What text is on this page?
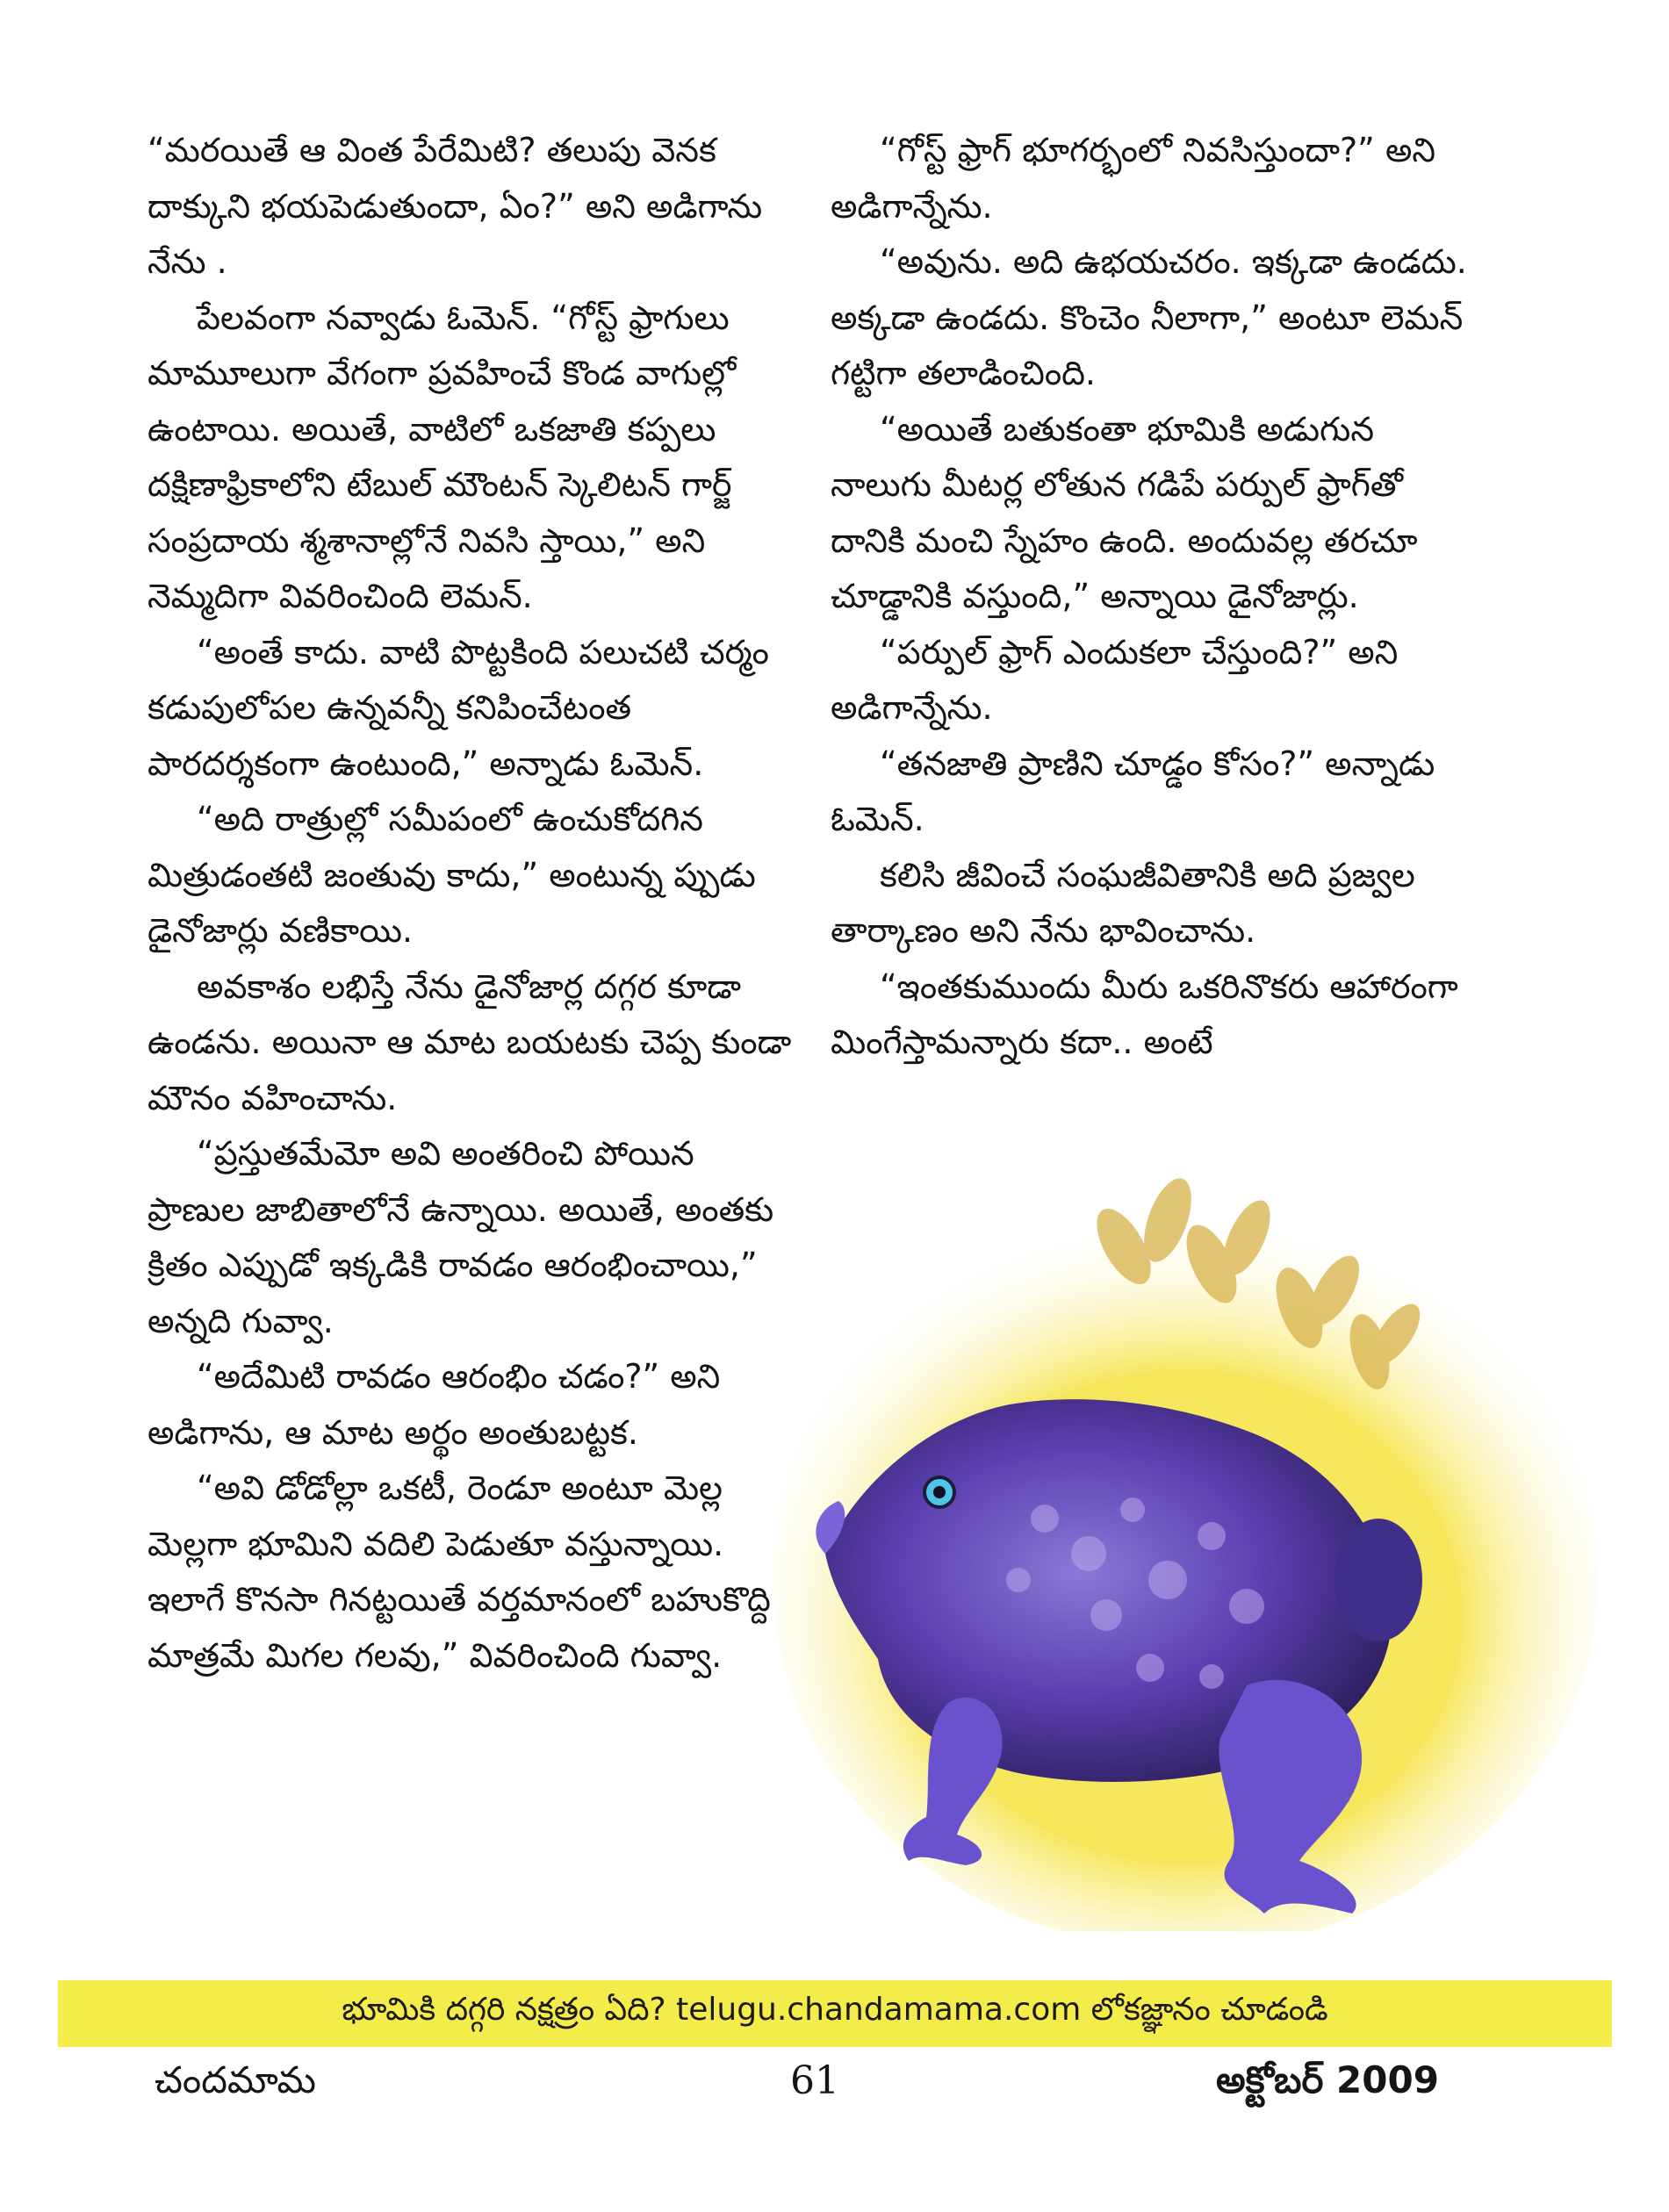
“మరయితే ఆ వింత పేరేమిటి? తలుపు వెనక దాక్కుని భయపెడుతుందా, ఏం?” అని అడిగాను నేను .

పేలవంగా నవ్వాడు ఓమెన్. “గోస్ట్ ఫ్రాగులు మామూలుగా వేగంగా ప్రవహించే కొండ వాగుల్లో ఉంటాయి. అయితే, వాటిలో ఒకజాతి కప్పలు దక్షిణాఫ్రికాలోని టేబుల్ మౌంటన్ స్కెలిటన్ గార్జ్ సంప్రదాయ శ్మశానాల్లోనే నివసి స్తాయి,” అని నెమ్మదిగా వివరించింది లెమన్.

“అంతే కాదు. వాటి పొట్టకింది పలుచటి చర్మం కడుపులోపల ఉన్నవన్నీ కనిపించేటంత పారదర్శకంగా ఉంటుంది,” అన్నాడు ఓమెన్.

“అది రాత్రుల్లో సమీపంలో ఉంచుకోదగిన మిత్రుడంతటి జంతువు కాదు,” అంటున్న ప్పుడు డైనోజార్లు వణికాయి.

అవకాశం లభిస్తే నేను డైనోజార్ల దగ్గర కూడా ఉండను. అయినా ఆ మాట బయటకు చెప్ప కుండా మౌనం వహించాను.

“ప్రస్తుతమేమో అవి అంతరించి పోయిన ప్రాణుల జాబితాలోనే ఉన్నాయి. అయితే, అంతకు క్రితం ఎప్పుడో ఇక్కడికి రావడం ఆరంభించాయి,” అన్నది గువ్వా.

“అదేమిటి రావడం ఆరంభిం చడం?” అని అడిగాను, ఆ మాట అర్థం అంతుబట్టక.

“అవి డోడోల్లా ఒకటీ, రెండూ అంటూ మెల్ల మెల్లగా భూమిని వదిలి పెడుతూ వస్తున్నాయి. ఇలాగే కొనసా గినట్టయితే వర్తమానంలో బహుకొద్ది మాత్రమే మిగల గలవు,” వివరించింది గువ్వా.

“గోస్ట్ ఫ్రాగ్ భూగర్భంలో నివసిస్తుందా?” అని అడిగాన్నేను.

“అవును. అది ఉభయచరం. ఇక్కడా ఉండదు. అక్కడా ఉండదు. కొంచెం నీలాగా,” అంటూ లెమన్ గట్టిగా తలాడించింది.

“అయితే బతుకంతా భూమికి అడుగున నాలుగు మీటర్ల లోతున గడిపే పర్పుల్ ఫ్రాగ్‌తో దానికి మంచి స్నేహం ఉంది. అందువల్ల తరచూ చూడ్డానికి వస్తుంది,” అన్నాయి డైనోజార్లు.

“పర్పుల్ ఫ్రాగ్ ఎందుకలా చేస్తుంది?” అని అడిగాన్నేను.

“తనజాతి ప్రాణిని చూడ్డం కోసం?” అన్నాడు ఓమెన్.

కలిసి జీవించే సంఘజీవితానికి అది ప్రజ్వల తార్కాణం అని నేను భావించాను.

“ఇంతకుముందు మీరు ఒకరినొకరు ఆహారంగా మింగేస్తామన్నారు కదా.. అంటే

భూమికి దగ్గరి నక్షత్రం ఏది? telugu.chandamama.com లోకజ్ఞానం చూడండి
చందమామ	61	అక్టోబర్ 2009
